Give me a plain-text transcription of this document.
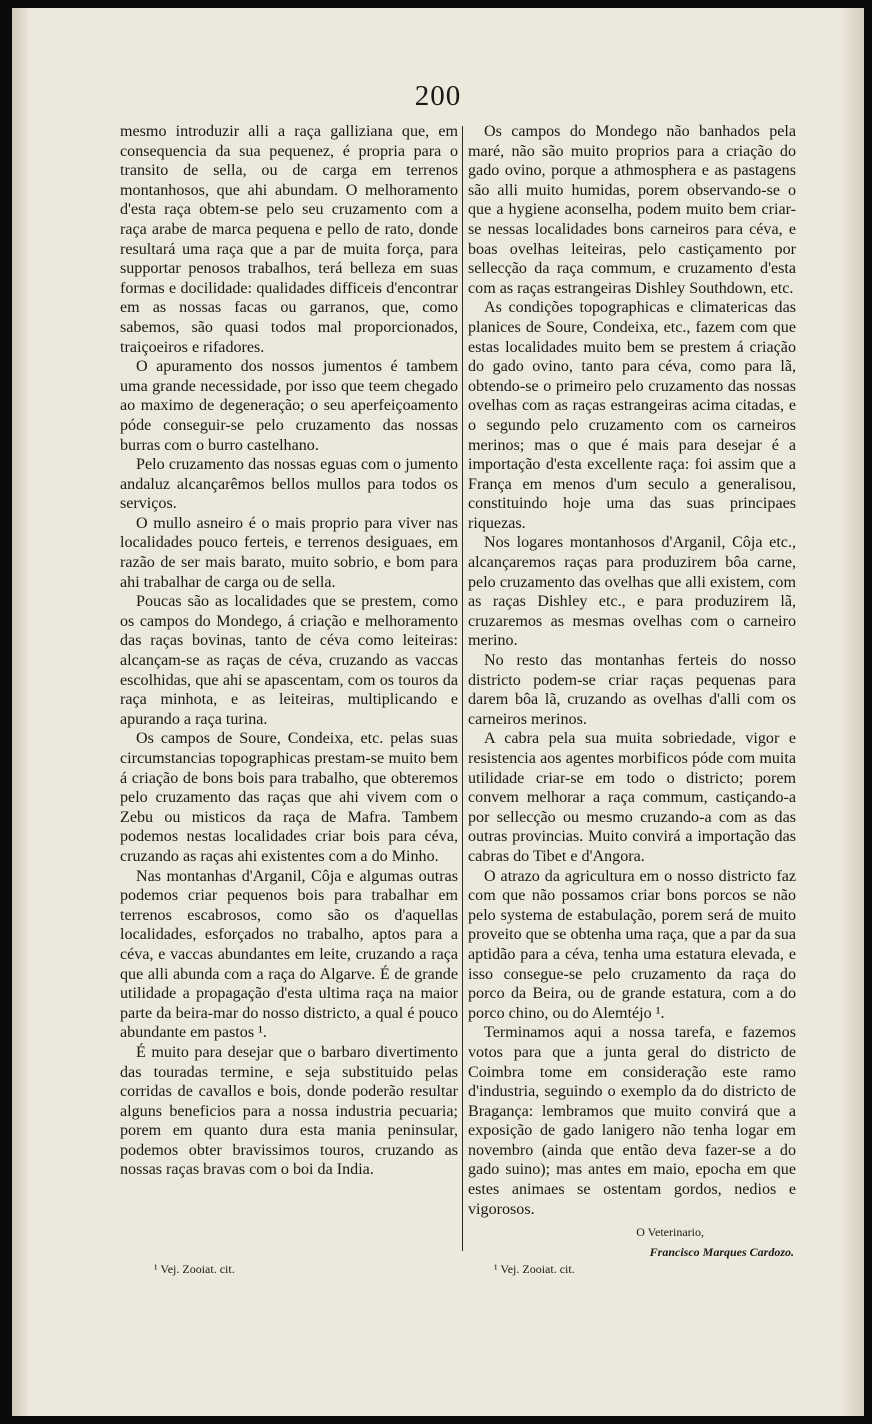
200

mesmo introduzir alli a raça galliziana que, em consequencia da sua pequenez, é propria para o transito de sella, ou de carga em terrenos montanhosos, que ahi abundam. O melhoramento d'esta raça obtem-se pelo seu cruzamento com a raça arabe de marca pequena e pello de rato, donde resultará uma raça que a par de muita força, para supportar penosos trabalhos, terá belleza em suas formas e docilidade: qualidades difficeis d'encontrar em as nossas facas ou garranos, que, como sabemos, são quasi todos mal proporcionados, traiçoeiros e rifadores.

O apuramento dos nossos jumentos é tambem uma grande necessidade, por isso que teem chegado ao maximo de degeneração; o seu aperfeiçoamento póde conseguir-se pelo cruzamento das nossas burras com o burro castelhano.

Pelo cruzamento das nossas eguas com o jumento andaluz alcançarêmos bellos mullos para todos os serviços.

O mullo asneiro é o mais proprio para viver nas localidades pouco ferteis, e terrenos desiguaes, em razão de ser mais barato, muito sobrio, e bom para ahi trabalhar de carga ou de sella.

Poucas são as localidades que se prestem, como os campos do Mondego, á criação e melhoramento das raças bovinas, tanto de céva como leiteiras: alcançam-se as raças de céva, cruzando as vaccas escolhidas, que ahi se apascentam, com os touros da raça minhota, e as leiteiras, multiplicando e apurando a raça turina.

Os campos de Soure, Condeixa, etc. pelas suas circumstancias topographicas prestam-se muito bem á criação de bons bois para trabalho, que obteremos pelo cruzamento das raças que ahi vivem com o Zebu ou misticos da raça de Mafra. Tambem podemos nestas localidades criar bois para céva, cruzando as raças ahi existentes com a do Minho.

Nas montanhas d'Arganil, Côja e algumas outras podemos criar pequenos bois para trabalhar em terrenos escabrosos, como são os d'aquellas localidades, esforçados no trabalho, aptos para a céva, e vaccas abundantes em leite, cruzando a raça que alli abunda com a raça do Algarve. É de grande utilidade a propagação d'esta ultima raça na maior parte da beira-mar do nosso districto, a qual é pouco abundante em pastos ¹.

É muito para desejar que o barbaro divertimento das touradas termine, e seja substituido pelas corridas de cavallos e bois, donde poderão resultar alguns beneficios para a nossa industria pecuaria; porem em quanto dura esta mania peninsular, podemos obter bravissimos touros, cruzando as nossas raças bravas com o boi da India.

Os campos do Mondego não banhados pela maré, não são muito proprios para a criação do gado ovino, porque a athmosphera e as pastagens são alli muito humidas, porem observando-se o que a hygiene aconselha, podem muito bem criar-se nessas localidades bons carneiros para céva, e boas ovelhas leiteiras, pelo castiçamento por sellecção da raça commum, e cruzamento d'esta com as raças estrangeiras Dishley Southdown, etc.

As condições topographicas e climatericas das planices de Soure, Condeixa, etc., fazem com que estas localidades muito bem se prestem á criação do gado ovino, tanto para céva, como para lã, obtendo-se o primeiro pelo cruzamento das nossas ovelhas com as raças estrangeiras acima citadas, e o segundo pelo cruzamento com os carneiros merinos; mas o que é mais para desejar é a importação d'esta excellente raça: foi assim que a França em menos d'um seculo a generalisou, constituindo hoje uma das suas principaes riquezas.

Nos logares montanhosos d'Arganil, Côja etc., alcançaremos raças para produzirem bôa carne, pelo cruzamento das ovelhas que alli existem, com as raças Dishley etc., e para produzirem lã, cruzaremos as mesmas ovelhas com o carneiro merino.

No resto das montanhas ferteis do nosso districto podem-se criar raças pequenas para darem bôa lã, cruzando as ovelhas d'alli com os carneiros merinos.

A cabra pela sua muita sobriedade, vigor e resistencia aos agentes morbificos póde com muita utilidade criar-se em todo o districto; porem convem melhorar a raça commum, castiçando-a por sellecção ou mesmo cruzando-a com as das outras provincias. Muito convirá a importação das cabras do Tibet e d'Angora.

O atrazo da agricultura em o nosso districto faz com que não possamos criar bons porcos se não pelo systema de estabulação, porem será de muito proveito que se obtenha uma raça, que a par da sua aptidão para a céva, tenha uma estatura elevada, e isso consegue-se pelo cruzamento da raça do porco da Beira, ou de grande estatura, com a do porco chino, ou do Alemtéjo ¹.

Terminamos aqui a nossa tarefa, e fazemos votos para que a junta geral do districto de Coimbra tome em consideração este ramo d'industria, seguindo o exemplo da do districto de Bragança: lembramos que muito convirá que a exposição de gado lanigero não tenha logar em novembro (ainda que então deva fazer-se a do gado suino); mas antes em maio, epocha em que estes animaes se ostentam gordos, nedios e vigorosos.

O Veterinario,
Francisco Marques Cardozo.
¹ Vej. Zooiat. cit.	¹ Vej. Zooiat. cit.
